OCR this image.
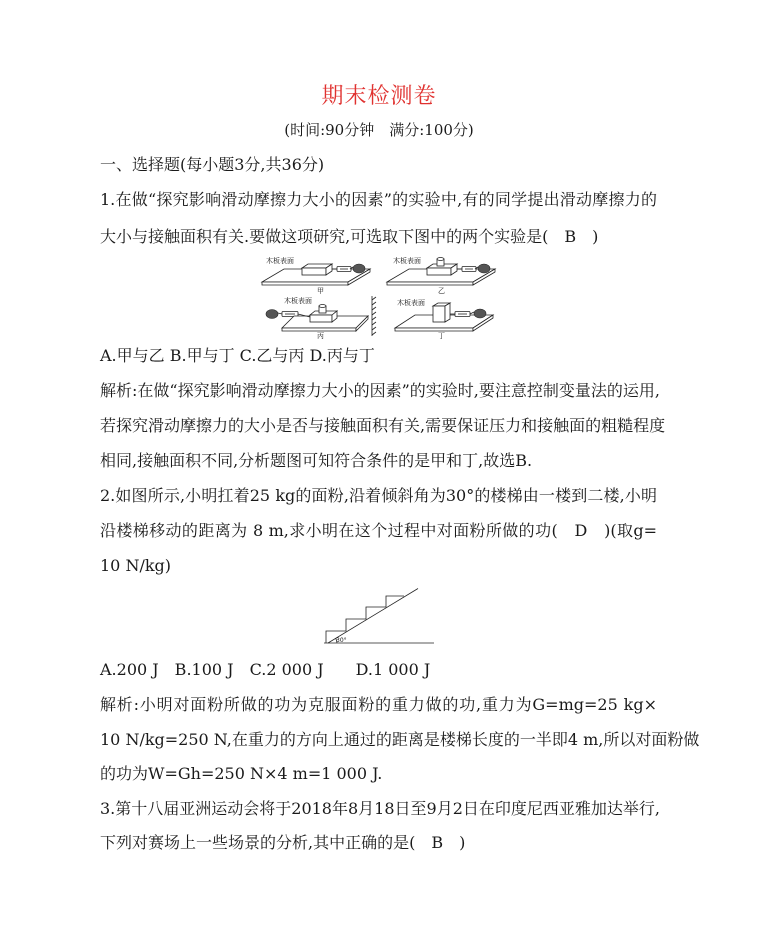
期末检测卷
(时间:90分钟　满分:100分)
一、选择题(每小题3分,共36分)
1.在做“探究影响滑动摩擦力大小的因素”的实验中,有的同学提出滑动摩擦力的
大小与接触面积有关.要做这项研究,可选取下图中的两个实验是(　B　)
木板表面
甲
木板表面
乙
木板表面
丙
木板表面
丁
A.甲与乙 B.甲与丁 C.乙与丙 D.丙与丁
解析:在做“探究影响滑动摩擦力大小的因素”的实验时,要注意控制变量法的运用,
若探究滑动摩擦力的大小是否与接触面积有关,需要保证压力和接触面的粗糙程度
相同,接触面积不同,分析题图可知符合条件的是甲和丁,故选B.
2.如图所示,小明扛着25 kg的面粉,沿着倾斜角为30°的楼梯由一楼到二楼,小明
沿楼梯移动的距离为 8 m,求小明在这个过程中对面粉所做的功(　D　)(取g=
10 N/kg)
30°
A.200 J　B.100 J　C.2 000 J　　D.1 000 J
解析:小明对面粉所做的功为克服面粉的重力做的功,重力为G=mg=25 kg×
10 N/kg=250 N,在重力的方向上通过的距离是楼梯长度的一半即4 m,所以对面粉做
的功为W=Gh=250 N×4 m=1 000 J.
3.第十八届亚洲运动会将于2018年8月18日至9月2日在印度尼西亚雅加达举行,
下列对赛场上一些场景的分析,其中正确的是(　B　)
